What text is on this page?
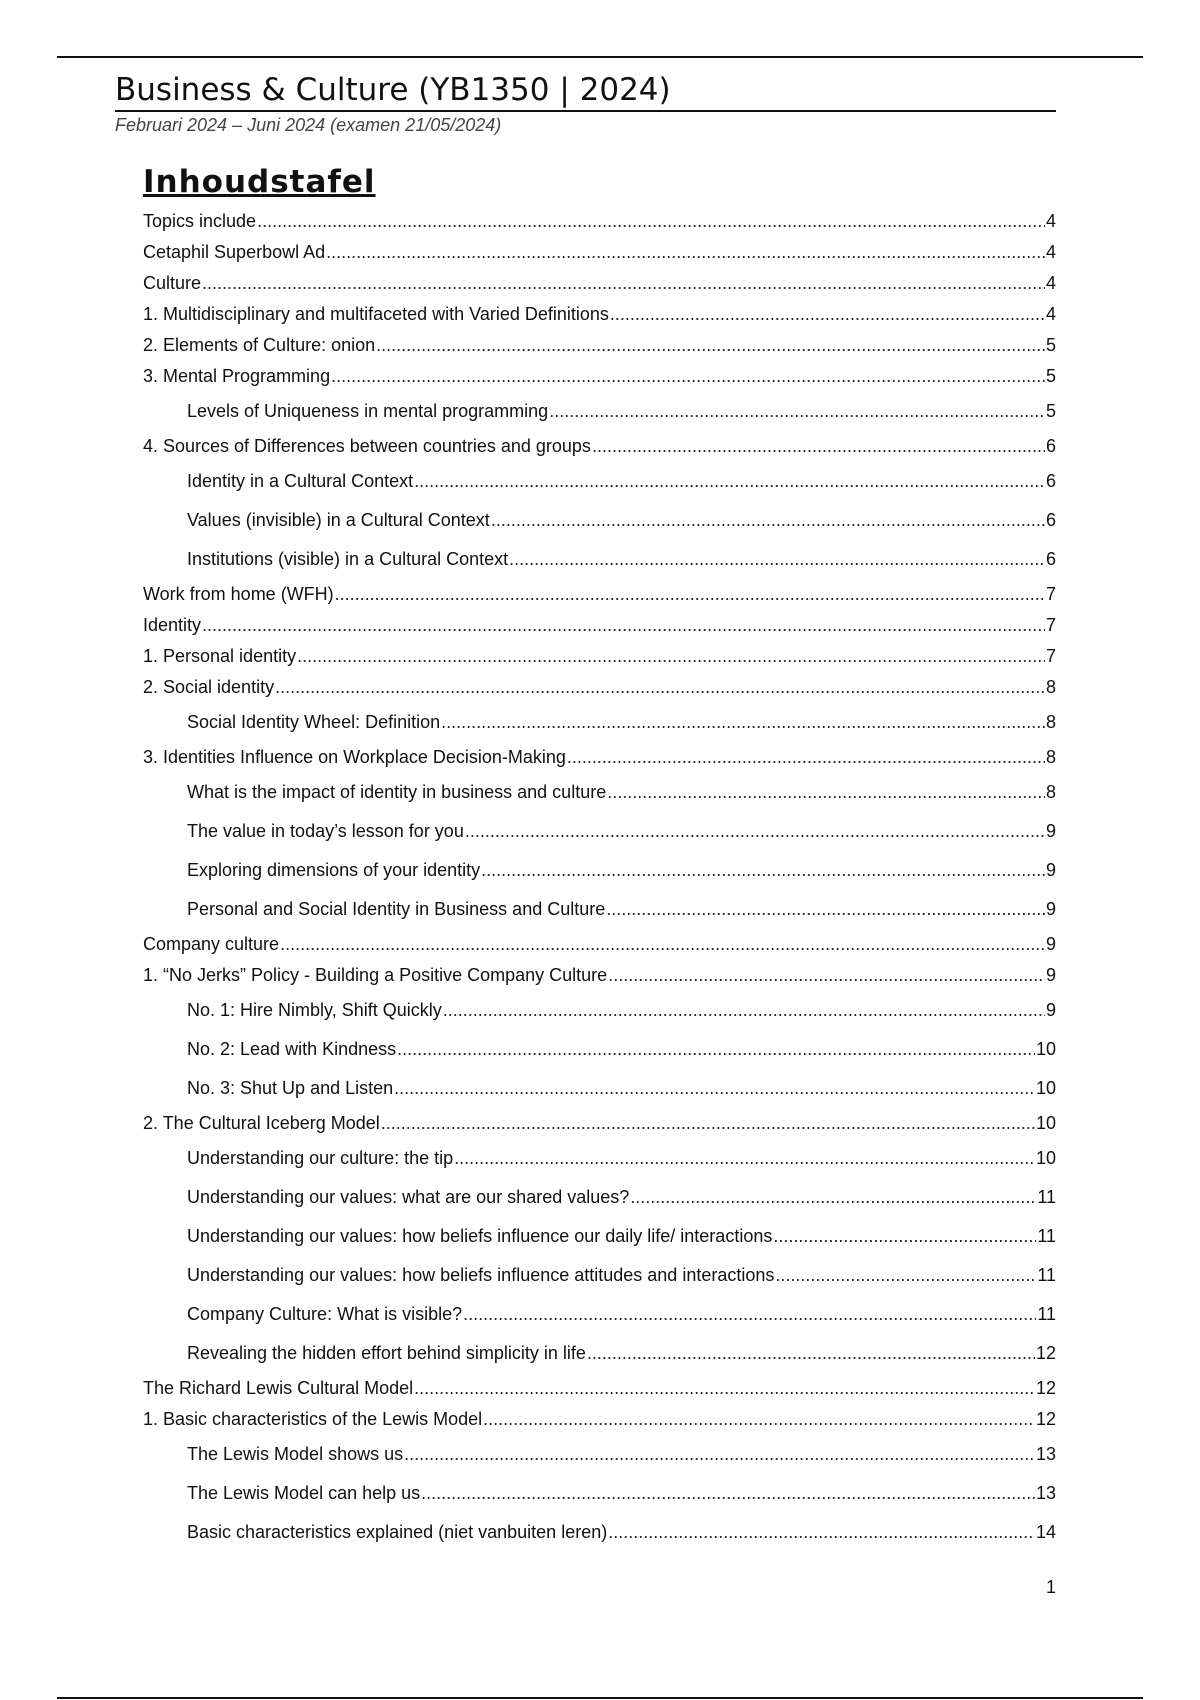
Business & Culture (YB1350 | 2024)
Februari 2024 – Juni 2024 (examen 21/05/2024)
Inhoudstafel
Topics include .....	4
Cetaphil Superbowl Ad .....	4
Culture .....	4
1. Multidisciplinary and multifaceted with Varied Definitions .....	4
2. Elements of Culture: onion .....	5
3. Mental Programming .....	5
Levels of Uniqueness in mental programming .....	5
4. Sources of Differences between countries and groups .....	6
Identity in a Cultural Context .....	6
Values (invisible) in a Cultural Context .....	6
Institutions (visible) in a Cultural Context .....	6
Work from home (WFH) .....	7
Identity .....	7
1. Personal identity .....	7
2. Social identity .....	8
Social Identity Wheel: Definition .....	8
3. Identities Influence on Workplace Decision-Making .....	8
What is the impact of identity in business and culture .....	8
The value in today’s lesson for you .....	9
Exploring dimensions of your identity .....	9
Personal and Social Identity in Business and Culture .....	9
Company culture .....	9
1. “No Jerks” Policy - Building a Positive Company Culture .....	9
No. 1: Hire Nimbly, Shift Quickly .....	9
No. 2: Lead with Kindness .....	10
No. 3: Shut Up and Listen .....	10
2. The Cultural Iceberg Model .....	10
Understanding our culture: the tip .....	10
Understanding our values: what are our shared values? .....	11
Understanding our values: how beliefs influence our daily life/ interactions .....	11
Understanding our values: how beliefs influence attitudes and interactions .....	11
Company Culture: What is visible? .....	11
Revealing the hidden effort behind simplicity in life .....	12
The Richard Lewis Cultural Model .....	12
1. Basic characteristics of the Lewis Model .....	12
The Lewis Model shows us .....	13
The Lewis Model can help us .....	13
Basic characteristics explained (niet vanbuiten leren) .....	14
1
